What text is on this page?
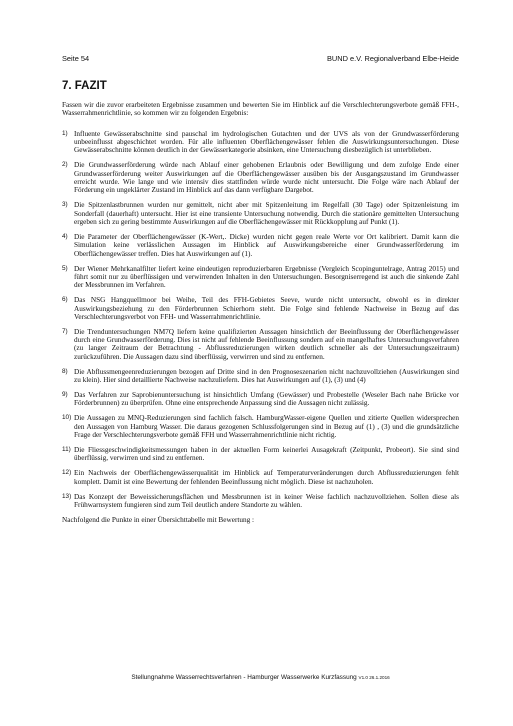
Seite 54	BUND e.V. Regionalverband Elbe-Heide
7. FAZIT

Fassen wir die zuvor erarbeiteten Ergebnisse zusammen und bewerten Sie im Hinblick auf die Verschlechterungsverbote gemäß FFH-, Wasserrahmenrichtlinie, so kommen wir zu folgenden Ergebnis:

1) Influente Gewässerabschnitte sind pauschal im hydrologischen Gutachten und der UVS als von der Grundwasserförderung unbeeinflusst abgeschichtet worden. Für alle influenten Oberflächengewässer fehlen die Auswirkungsuntersuchungen. Diese Gewässerabschnitte können deutlich in der Gewässerkategorie absinken, eine Untersuchung diesbezüglich ist unterblieben.
2) Die Grundwasserförderung würde nach Ablauf einer gehobenen Erlaubnis oder Bewilligung und dem zufolge Ende einer Grundwasserförderung weiter Auswirkungen auf die Oberflächengewässer ausüben bis der Ausgangszustand im Grundwasser erreicht wurde. Wie lange und wie intensiv dies stattfinden würde wurde nicht untersucht. Die Folge wäre nach Ablauf der Förderung ein ungeklärter Zustand im Hinblick auf das dann verfügbare Dargebot.
3) Die Spitzenlastbrunnen wurden nur gemittelt, nicht aber mit Spitzenleitung im Regelfall (30 Tage) oder Spitzenleistung im Sonderfall (dauerhaft) untersucht. Hier ist eine transiente Untersuchung notwendig. Durch die stationäre gemittelten Untersuchung ergeben sich zu gering bestimmte Auswirkungen auf die Oberflächengewässer mit Rückkopplung auf Punkt (1).
4) Die Parameter der Oberflächengewässer (K-Wert,. Dicke) wurden nicht gegen reale Werte vor Ort kalibriert. Damit kann die Simulation keine verlässlichen Aussagen im Hinblick auf Auswirkungsbereiche einer Grundwasserförderung im Oberflächengewässer treffen. Dies hat Auswirkungen auf (1).
5) Der Wiener Mehrkanalfilter liefert keine eindeutigen reproduzierbaren Ergebnisse (Vergleich Scopinguntelrage, Antrag 2015) und führt somit nur zu überflüssigen und verwirrenden Inhalten in den Untersuchungen. Besorgniserregend ist auch die sinkende Zahl der Messbrunnen im Verfahren.
6) Das NSG Hangquellmoor bei Weihe, Teil des FFH-Gebietes Seeve, wurde nicht untersucht, obwohl es in direkter Auswirkungsbeziehung zu den Förderbrunnen Schierhorn steht. Die Folge sind fehlende Nachweise in Bezug auf das Verschlechterungsverbot von FFH- und Wasserrahmenrichtlinie.
7) Die Trenduntersuchungen NM7Q liefern keine qualifizierten Aussagen hinsichtlich der Beeinflussung der Oberflächengewässer durch eine Grundwasserförderung. Dies ist nicht auf fehlende Beeinflussung sondern auf ein mangelhaftes Untersuchungsverfahren (zu langer Zeitraum der Betrachtung - Abflussreduzierungen wirken deutlich schneller als der Untersuchungszeitraum) zurückzuführen. Die Aussagen dazu sind überflüssig, verwirren und sind zu entfernen.
8) Die Abflussmengeenreduzierungen bezogen auf Dritte sind in den Prognoseszenarien nicht nachzuvollziehen (Auswirkungen sind zu klein). Hier sind detaillierte Nachweise nachzuliefern. Dies hat Auswirkungen auf (1), (3) und (4)
9) Das Verfahren zur Saprobienuntersuchung ist hinsichtlich Umfang (Gewässer) und Probestelle (Weseler Bach nahe Brücke vor Förderbrunnen) zu überprüfen. Ohne eine entsprechende Anpassung sind die Aussagen nicht zulässig.
10) Die Aussagen zu MNQ-Reduzierungen sind fachlich falsch. HamburgWasser-eigene Quellen und zitierte Quellen widersprechen den Aussagen von Hamburg Wasser. Die daraus gezogenen Schlussfolgerungen sind in Bezug auf (1) , (3) und die grundsätzliche Frage der Verschlechterungsverbote gemäß FFH und Wasserrahmenrichtlinie nicht richtig.
11) Die Fliessgeschwindigkeitsmessungen haben in der aktuellen Form keinerlei Ausagekraft (Zeitpunkt, Probeort). Sie sind sind überflüssig, verwirren und sind zu entfernen.
12) Ein Nachweis der Oberflächengewässerqualität im Hinblick auf Temperaturveränderungen durch Abflussreduzierungen fehlt komplett. Damit ist eine Bewertung der fehlenden Beeinflussung nicht möglich. Diese ist nachzuholen.
13) Das Konzept der Beweissicherungsflächen und Messbrunnen ist in keiner Weise fachlich nachzuvollziehen. Sollen diese als Frühwarnsystem fungieren sind zum Teil deutlich andere Standorte zu wählen.

Nachfolgend die Punkte in einer Übersichttabelle mit Bewertung :

Stellungnahme Wasserrechtsverfahren - Hamburger Wasserwerke Kurzfassung V1.0 26.1.2016
